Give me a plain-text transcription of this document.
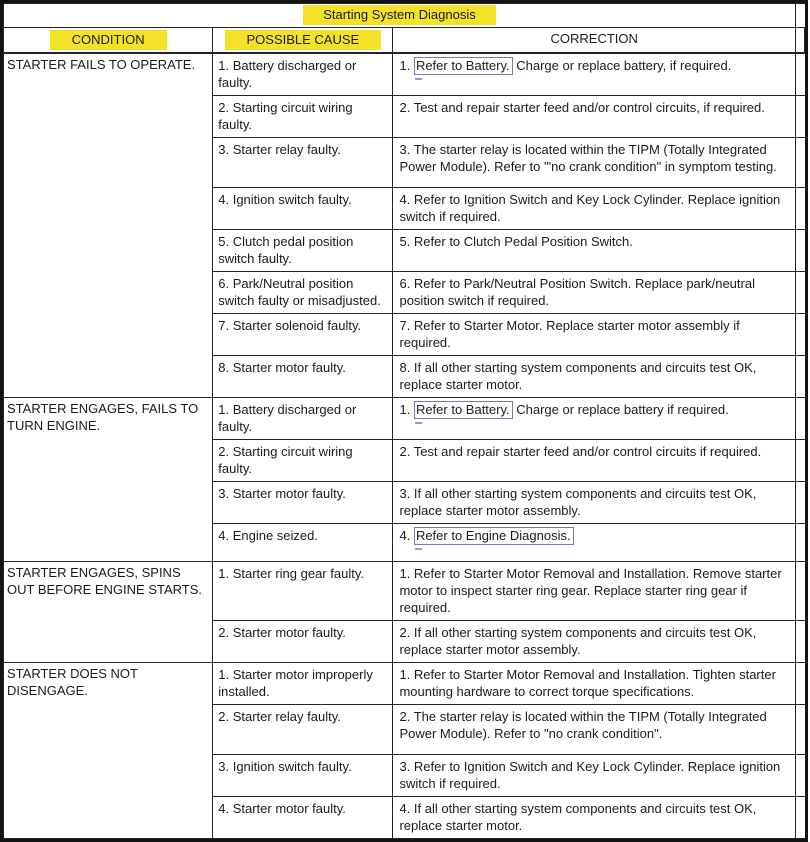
Starting System Diagnosis			
CONDITION	POSSIBLE CAUSE	CORRECTION	
STARTER FAILS TO OPERATE.	1. Battery discharged or faulty.	1. Refer to Battery. Charge or replace battery, if required.

	2. Starting circuit wiring faulty.	2. Test and repair starter feed and/or control circuits, if required.	
	3. Starter relay faulty.	3. The starter relay is located within the TIPM (Totally Integrated Power Module). Refer to '"no crank condition" in symptom testing.	
	4. Ignition switch faulty.	4. Refer to Ignition Switch and Key Lock Cylinder. Replace ignition switch if required.	
	5. Clutch pedal position switch faulty.	5. Refer to Clutch Pedal Position Switch.	
	6. Park/Neutral position switch faulty or misadjusted.	6. Refer to Park/Neutral Position Switch. Replace park/neutral position switch if required.	
	7. Starter solenoid faulty.	7. Refer to Starter Motor. Replace starter motor assembly if required.	
	8. Starter motor faulty.	8. If all other starting system components and circuits test OK, replace starter motor.	
STARTER ENGAGES, FAILS TO TURN ENGINE.	1. Battery discharged or faulty.	1. Refer to Battery. Charge or replace battery if required.

	2. Starting circuit wiring faulty.	2. Test and repair starter feed and/or control circuits if required.	
	3. Starter motor faulty.	3. If all other starting system components and circuits test OK, replace starter motor assembly.	
	4. Engine seized.	4. Refer to Engine Diagnosis.

STARTER ENGAGES, SPINS OUT BEFORE ENGINE STARTS.	1. Starter ring gear faulty.	1. Refer to Starter Motor Removal and Installation. Remove starter motor to inspect starter ring gear. Replace starter ring gear if required.	
	2. Starter motor faulty.	2. If all other starting system components and circuits test OK, replace starter motor assembly.	
STARTER DOES NOT DISENGAGE.	1. Starter motor improperly installed.	1. Refer to Starter Motor Removal and Installation. Tighten starter mounting hardware to correct torque specifications.	
	2. Starter relay faulty.	2. The starter relay is located within the TIPM (Totally Integrated Power Module). Refer to "no crank condition".	
	3. Ignition switch faulty.	3. Refer to Ignition Switch and Key Lock Cylinder. Replace ignition switch if required.	
	4. Starter motor faulty.	4. If all other starting system components and circuits test OK, replace starter motor.	
